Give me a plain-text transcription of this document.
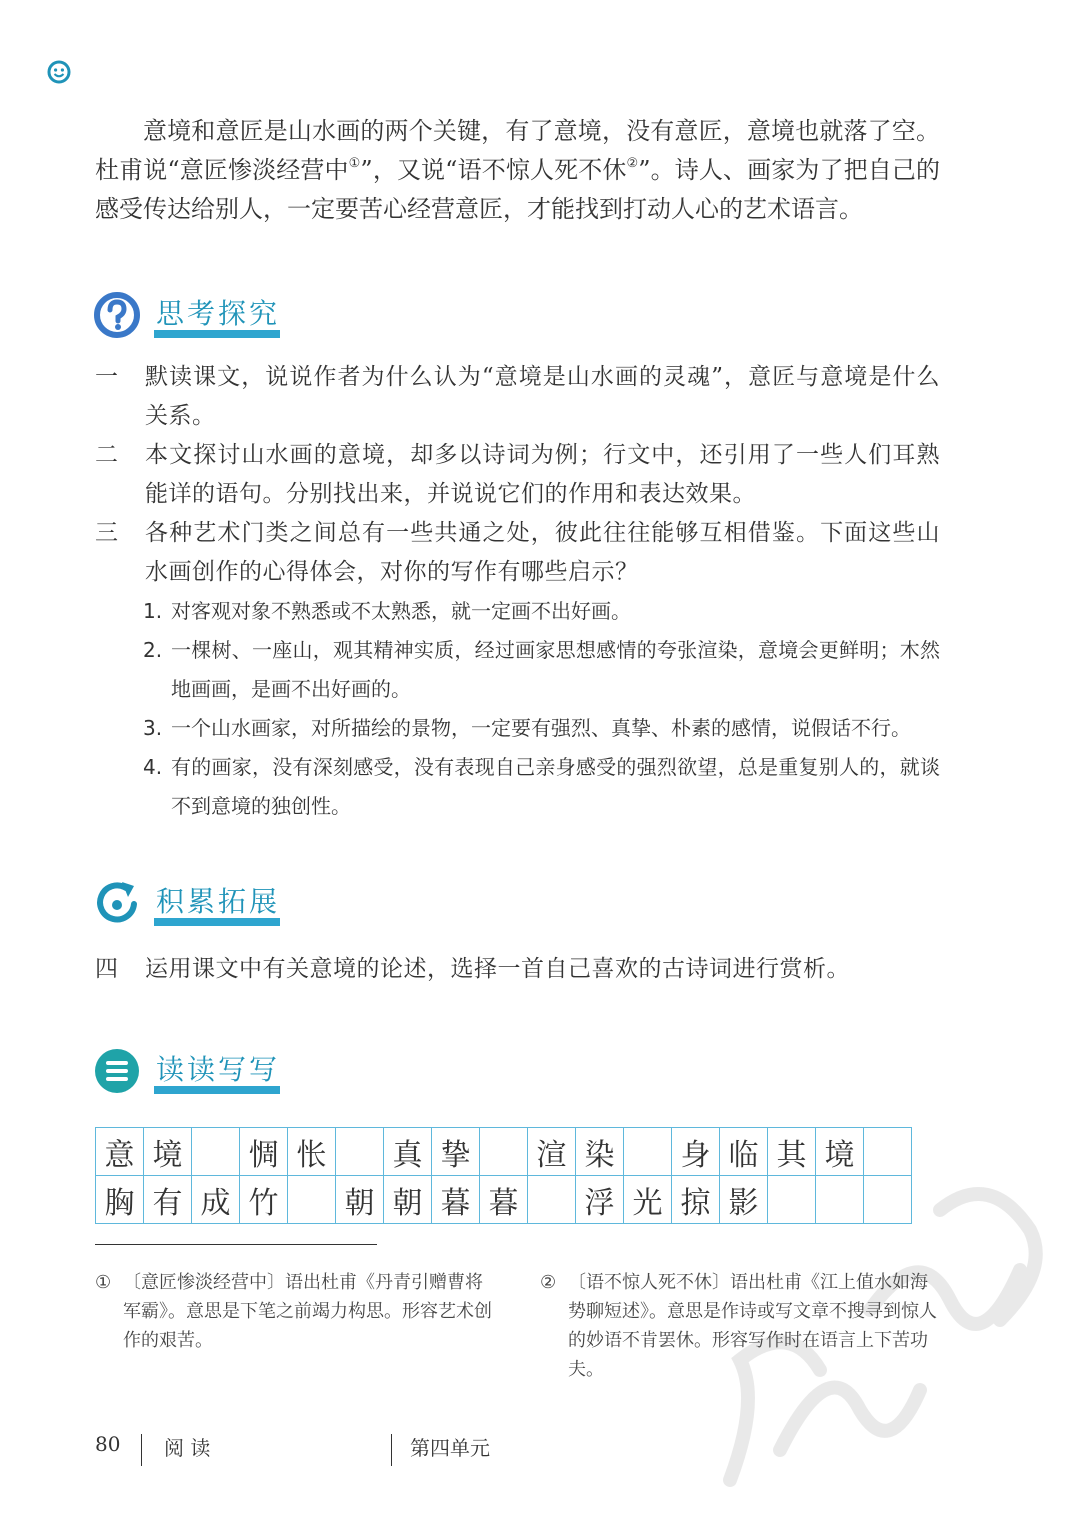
意境和意匠是山水画的两个关键，有了意境，没有意匠，意境也就落了空。杜甫说“意匠惨淡经营中①”，又说“语不惊人死不休②”。诗人、画家为了把自己的感受传达给别人，一定要苦心经营意匠，才能找到打动人心的艺术语言。

思考探究
一 默读课文，说说作者为什么认为“意境是山水画的灵魂”，意匠与意境是什么关系。
二 本文探讨山水画的意境，却多以诗词为例；行文中，还引用了一些人们耳熟能详的语句。分别找出来，并说说它们的作用和表达效果。
三 各种艺术门类之间总有一些共通之处，彼此往往能够互相借鉴。下面这些山水画创作的心得体会，对你的写作有哪些启示？
1. 对客观对象不熟悉或不太熟悉，就一定画不出好画。
2. 一棵树、一座山，观其精神实质，经过画家思想感情的夸张渲染，意境会更鲜明；木然地画画，是画不出好画的。
3. 一个山水画家，对所描绘的景物，一定要有强烈、真挚、朴素的感情，说假话不行。
4. 有的画家，没有深刻感受，没有表现自己亲身感受的强烈欲望，总是重复别人的，就谈不到意境的独创性。
积累拓展
四 运用课文中有关意境的论述，选择一首自己喜欢的古诗词进行赏析。
读读写写
意	境		惆	怅		真	挚		渲	染		身	临	其	境	
胸	有	成	竹		朝	朝	暮	暮		浮	光	掠	影			
① 〔意匠惨淡经营中〕语出杜甫《丹青引赠曹将军霸》。意思是下笔之前竭力构思。形容艺术创作的艰苦。
② 〔语不惊人死不休〕语出杜甫《江上值水如海势聊短述》。意思是作诗或写文章不搜寻到惊人的妙语不肯罢休。形容写作时在语言上下苦功夫。
80 阅 读	第四单元
